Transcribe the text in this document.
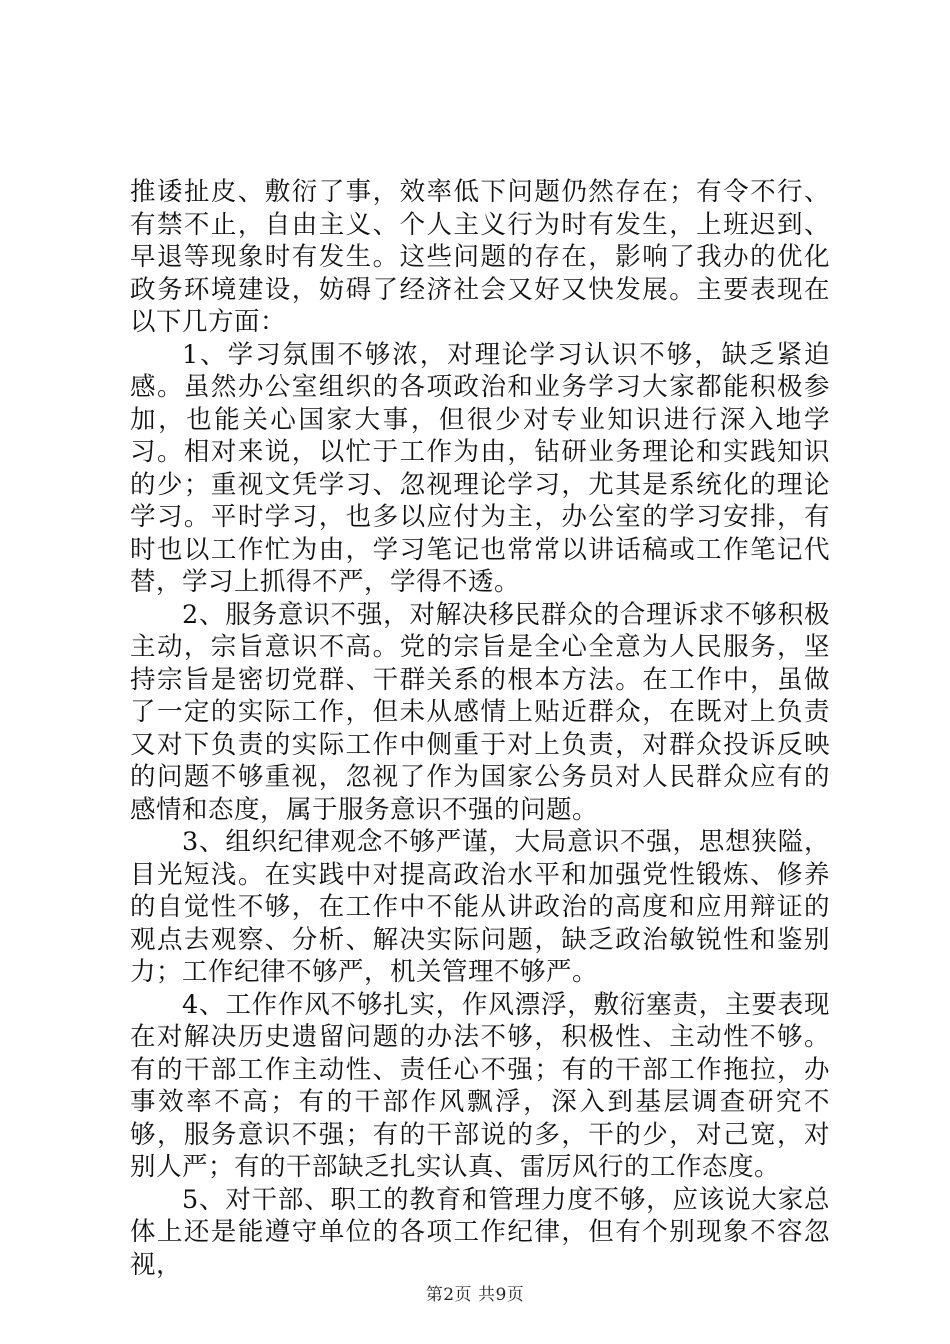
推诿扯皮、敷衍了事，效率低下问题仍然存在；有令不行、有禁不止，自由主义、个人主义行为时有发生，上班迟到、早退等现象时有发生。这些问题的存在，影响了我办的优化政务环境建设，妨碍了经济社会又好又快发展。主要表现在以下几方面：

1、学习氛围不够浓，对理论学习认识不够，缺乏紧迫感。虽然办公室组织的各项政治和业务学习大家都能积极参加，也能关心国家大事，但很少对专业知识进行深入地学习。相对来说，以忙于工作为由，钻研业务理论和实践知识的少；重视文凭学习、忽视理论学习，尤其是系统化的理论学习。平时学习，也多以应付为主，办公室的学习安排，有时也以工作忙为由，学习笔记也常常以讲话稿或工作笔记代替，学习上抓得不严，学得不透。

2、服务意识不强，对解决移民群众的合理诉求不够积极主动，宗旨意识不高。党的宗旨是全心全意为人民服务，坚持宗旨是密切党群、干群关系的根本方法。在工作中，虽做了一定的实际工作，但未从感情上贴近群众，在既对上负责又对下负责的实际工作中侧重于对上负责，对群众投诉反映的问题不够重视，忽视了作为国家公务员对人民群众应有的感情和态度，属于服务意识不强的问题。

3、组织纪律观念不够严谨，大局意识不强，思想狭隘，目光短浅。在实践中对提高政治水平和加强党性锻炼、修养的自觉性不够，在工作中不能从讲政治的高度和应用辩证的观点去观察、分析、解决实际问题，缺乏政治敏锐性和鉴别力；工作纪律不够严，机关管理不够严。

4、工作作风不够扎实，作风漂浮，敷衍塞责，主要表现在对解决历史遗留问题的办法不够，积极性、主动性不够。有的干部工作主动性、责任心不强；有的干部工作拖拉，办事效率不高；有的干部作风飘浮，深入到基层调查研究不够，服务意识不强；有的干部说的多，干的少，对己宽，对别人严；有的干部缺乏扎实认真、雷厉风行的工作态度。

5、对干部、职工的教育和管理力度不够，应该说大家总体上还是能遵守单位的各项工作纪律，但有个别现象不容忽视，

第2页 共9页
